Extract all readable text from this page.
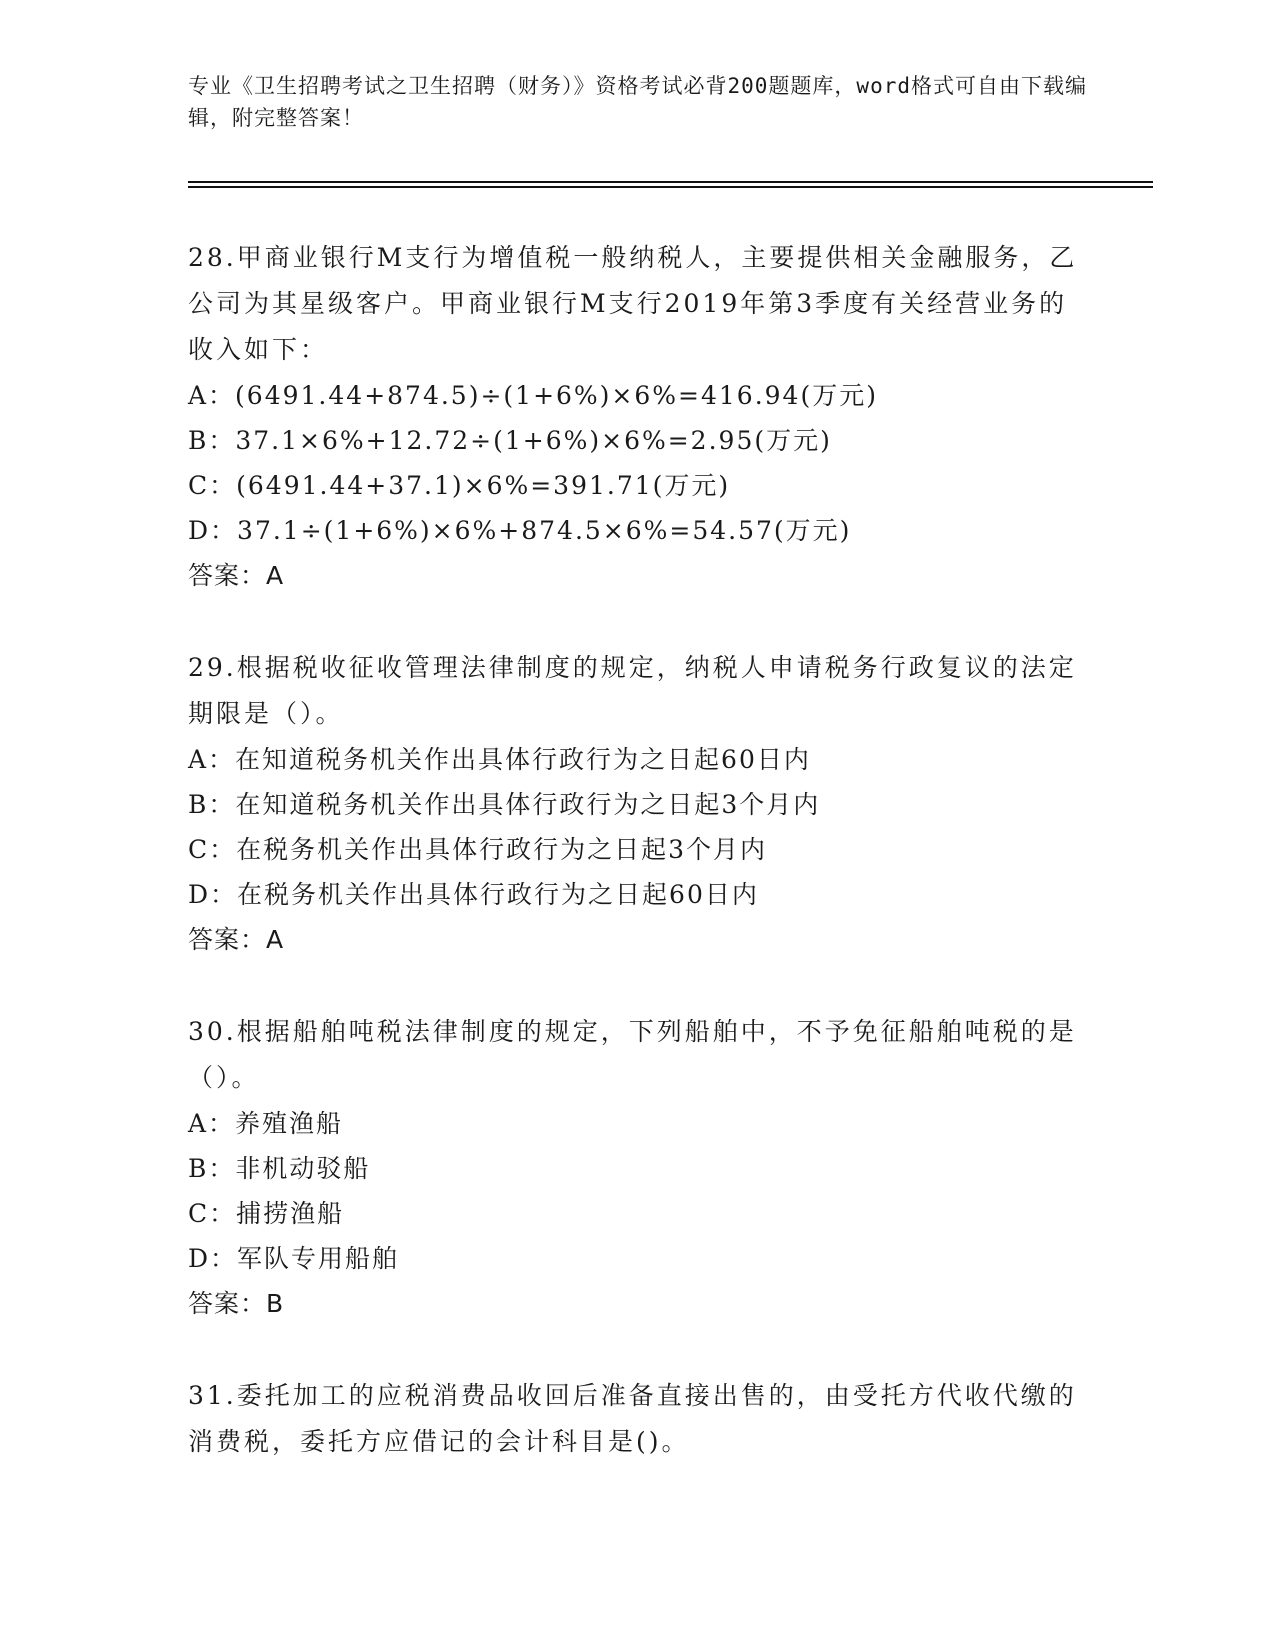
专业《卫生招聘考试之卫生招聘（财务）》资格考试必背200题题库，word格式可自由下载编辑，附完整答案！

28.甲商业银行M支行为增值税一般纳税人，主要提供相关金融服务，乙公司为其星级客户。甲商业银行M支行2019年第3季度有关经营业务的收入如下：

A：(6491.44+874.5)÷(1+6%)×6%=416.94(万元)

B：37.1×6%+12.72÷(1+6%)×6%=2.95(万元)

C：(6491.44+37.1)×6%=391.71(万元)

D：37.1÷(1+6%)×6%+874.5×6%=54.57(万元)

答案：A

29.根据税收征收管理法律制度的规定，纳税人申请税务行政复议的法定期限是（）。

A：在知道税务机关作出具体行政行为之日起60日内

B：在知道税务机关作出具体行政行为之日起3个月内

C：在税务机关作出具体行政行为之日起3个月内

D：在税务机关作出具体行政行为之日起60日内

答案：A

30.根据船舶吨税法律制度的规定，下列船舶中，不予免征船舶吨税的是（）。

A：养殖渔船

B：非机动驳船

C：捕捞渔船

D：军队专用船舶

答案：B

31.委托加工的应税消费品收回后准备直接出售的，由受托方代收代缴的消费税，委托方应借记的会计科目是()。
